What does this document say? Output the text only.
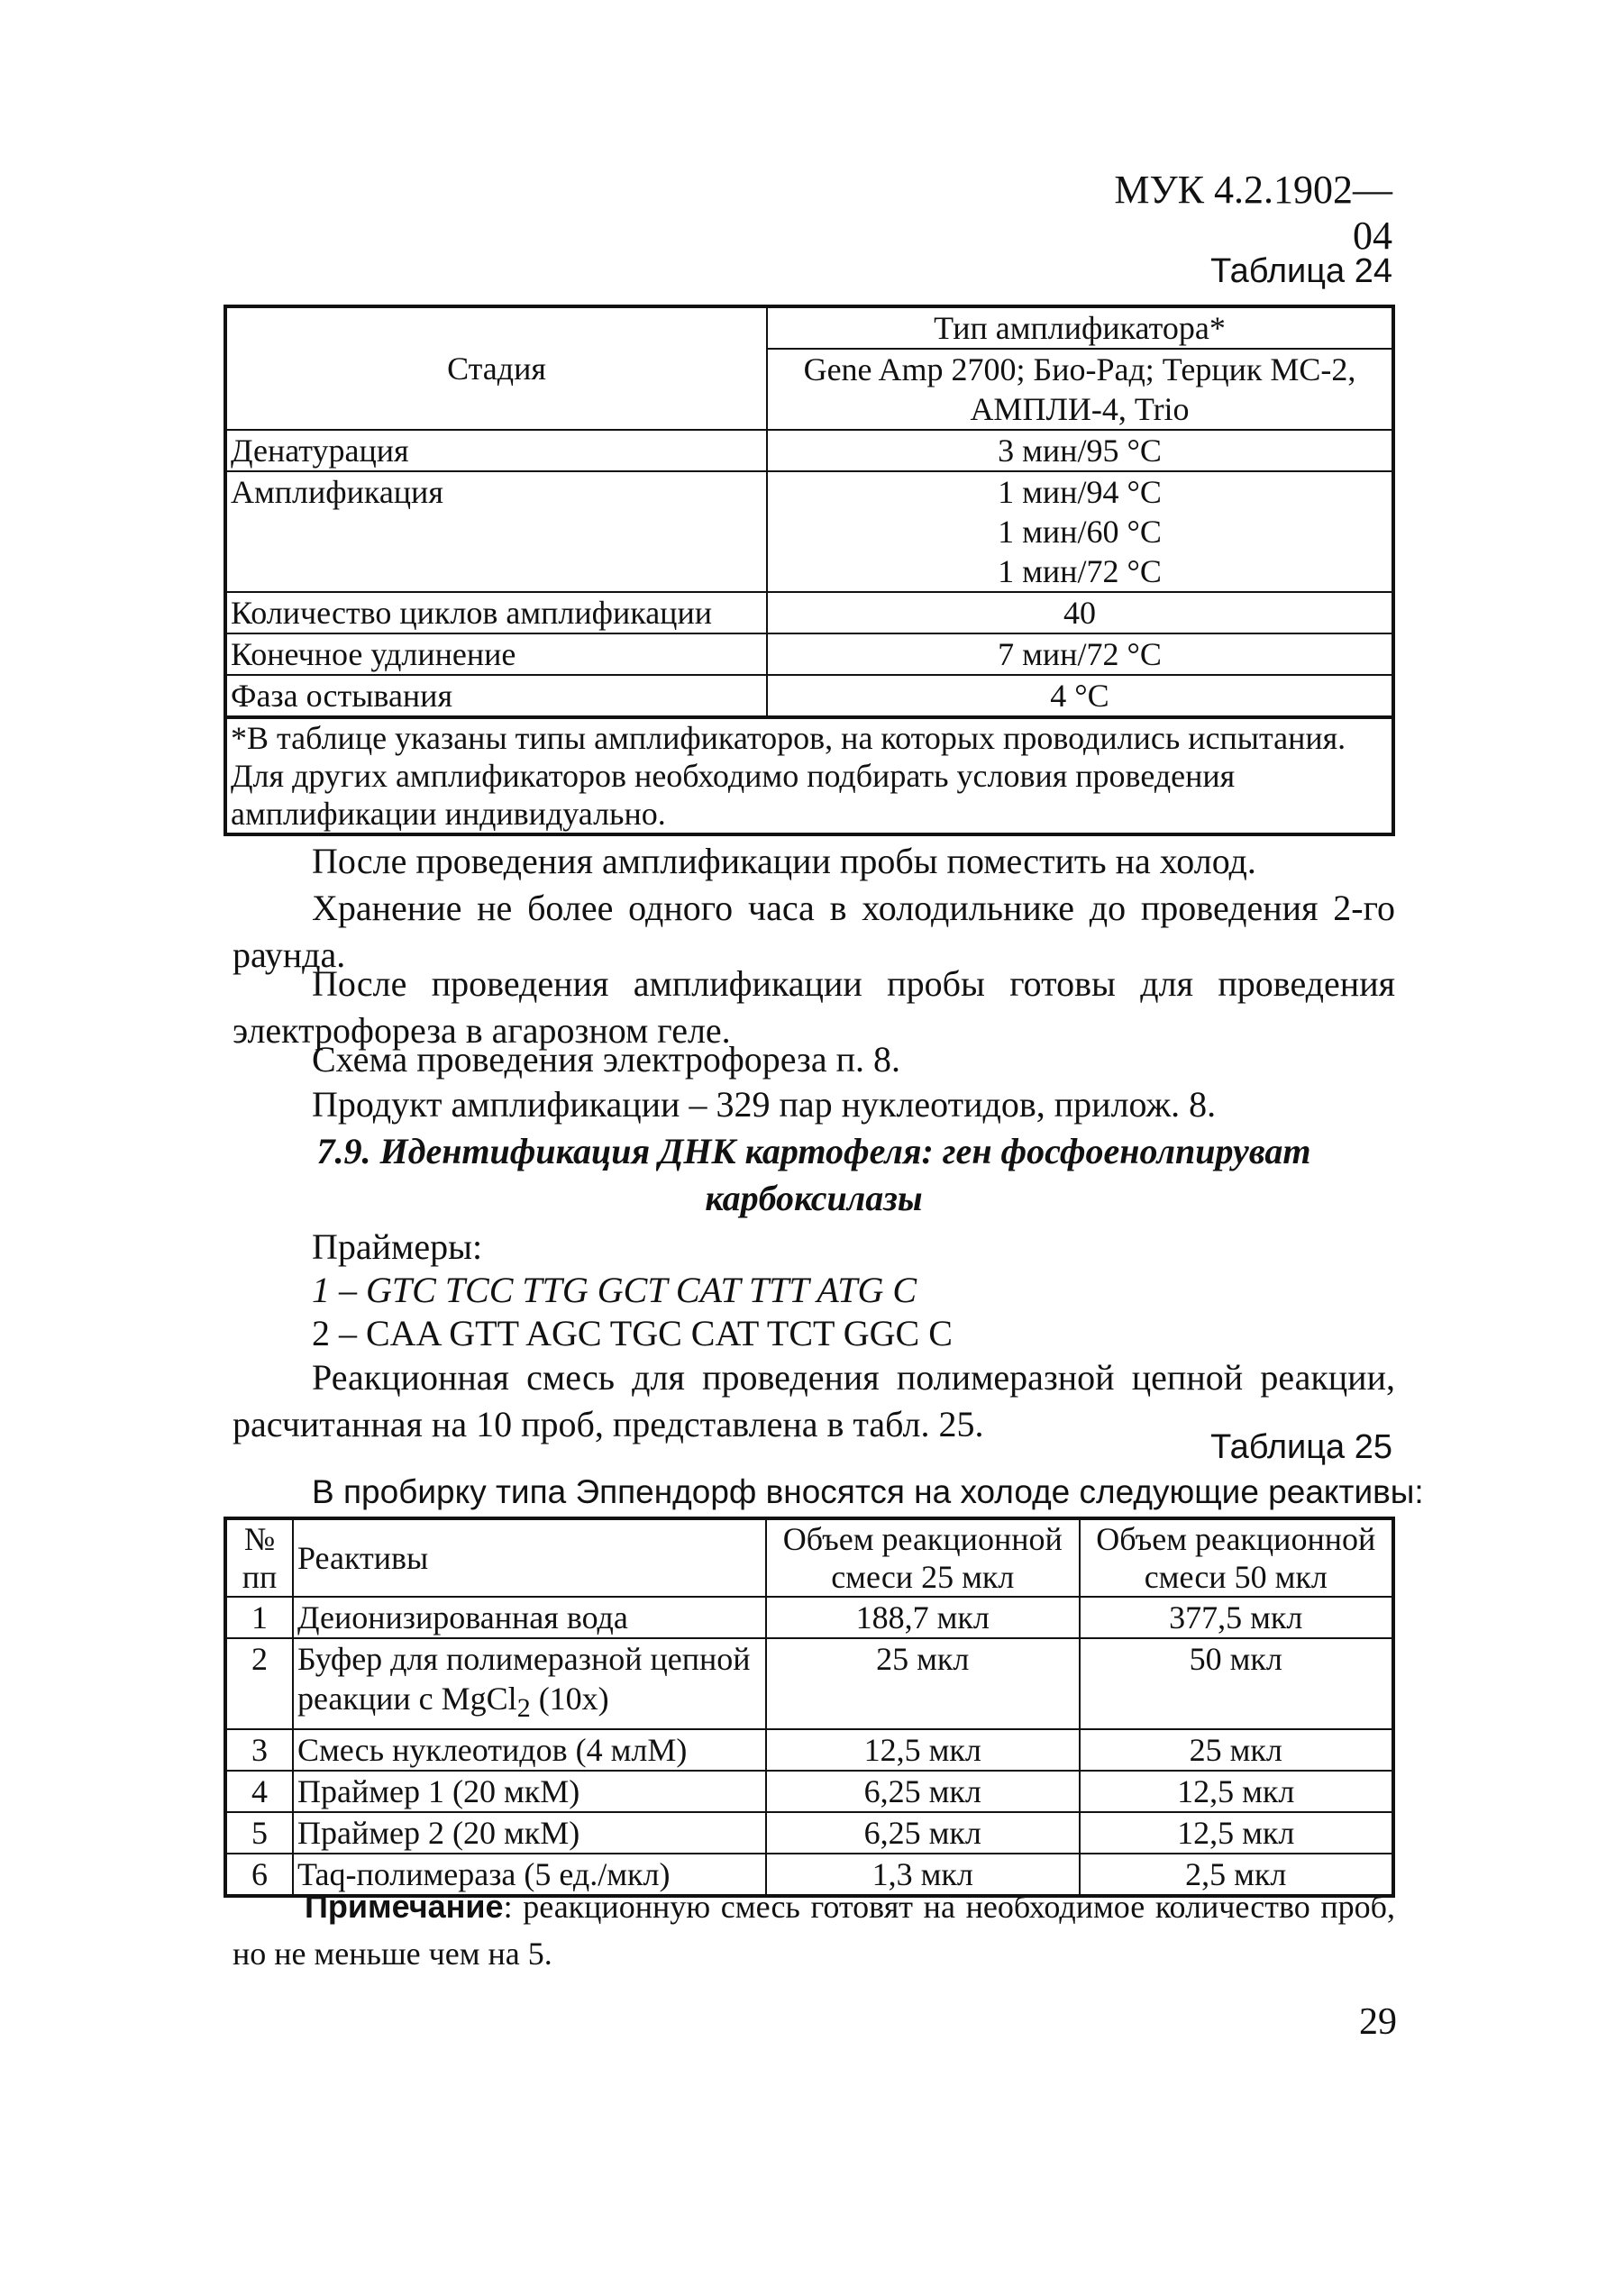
МУК 4.2.1902—04
Таблица 24
Стадия	Тип амплификатора*
	Gene Amp 2700; Био-Рад; Терцик МС-2, АМПЛИ-4, Trio
Денатурация	3 мин/95 °С
Амплификация	1 мин/94 °С
1 мин/60 °С
1 мин/72 °С
Количество циклов амплификации	40
Конечное удлинение	7 мин/72 °С
Фаза остывания	4 °С
*В таблице указаны типы амплификаторов, на которых проводились испытания. Для других амплификаторов необходимо подбирать условия проведения амплификации индивидуально.	
После проведения амплификации пробы поместить на холод.
Хранение не более одного часа в холодильнике до проведения 2-го раунда.
После проведения амплификации пробы готовы для проведения электрофореза в агарозном геле.
Схема проведения электрофореза п. 8.
Продукт амплификации – 329 пар нуклеотидов, прилож. 8.
7.9. Идентификация ДНК картофеля: ген фосфоенолпируват
карбоксилазы
Праймеры:
1 – GTC TCC TTG GCT CAT TTT ATG C
2 – CAA GTT AGC TGC CAT TCT GGC C
Реакционная смесь для проведения полимеразной цепной реакции, расчитанная на 10 проб, представлена в табл. 25.
Таблица 25
В пробирку типа Эппендорф вносятся на холоде следующие реактивы:
№ пп	Реактивы	Объем реакционной смеси 25 мкл	Объем реакционной смеси 50 мкл
1	Деионизированная вода	188,7 мкл	377,5 мкл
2	Буфер для полимеразной цепной реакции с MgCl$_2$ (10х)	25 мкл	50 мкл
3	Смесь нуклеотидов (4 млМ)	12,5 мкл	25 мкл
4	Праймер 1 (20 мкМ)	6,25 мкл	12,5 мкл
5	Праймер 2 (20 мкМ)	6,25 мкл	12,5 мкл
6	Taq-полимераза (5 ед./мкл)	1,3 мкл	2,5 мкл
Примечание: реакционную смесь готовят на необходимое количество проб, но не меньше чем на 5.
29
